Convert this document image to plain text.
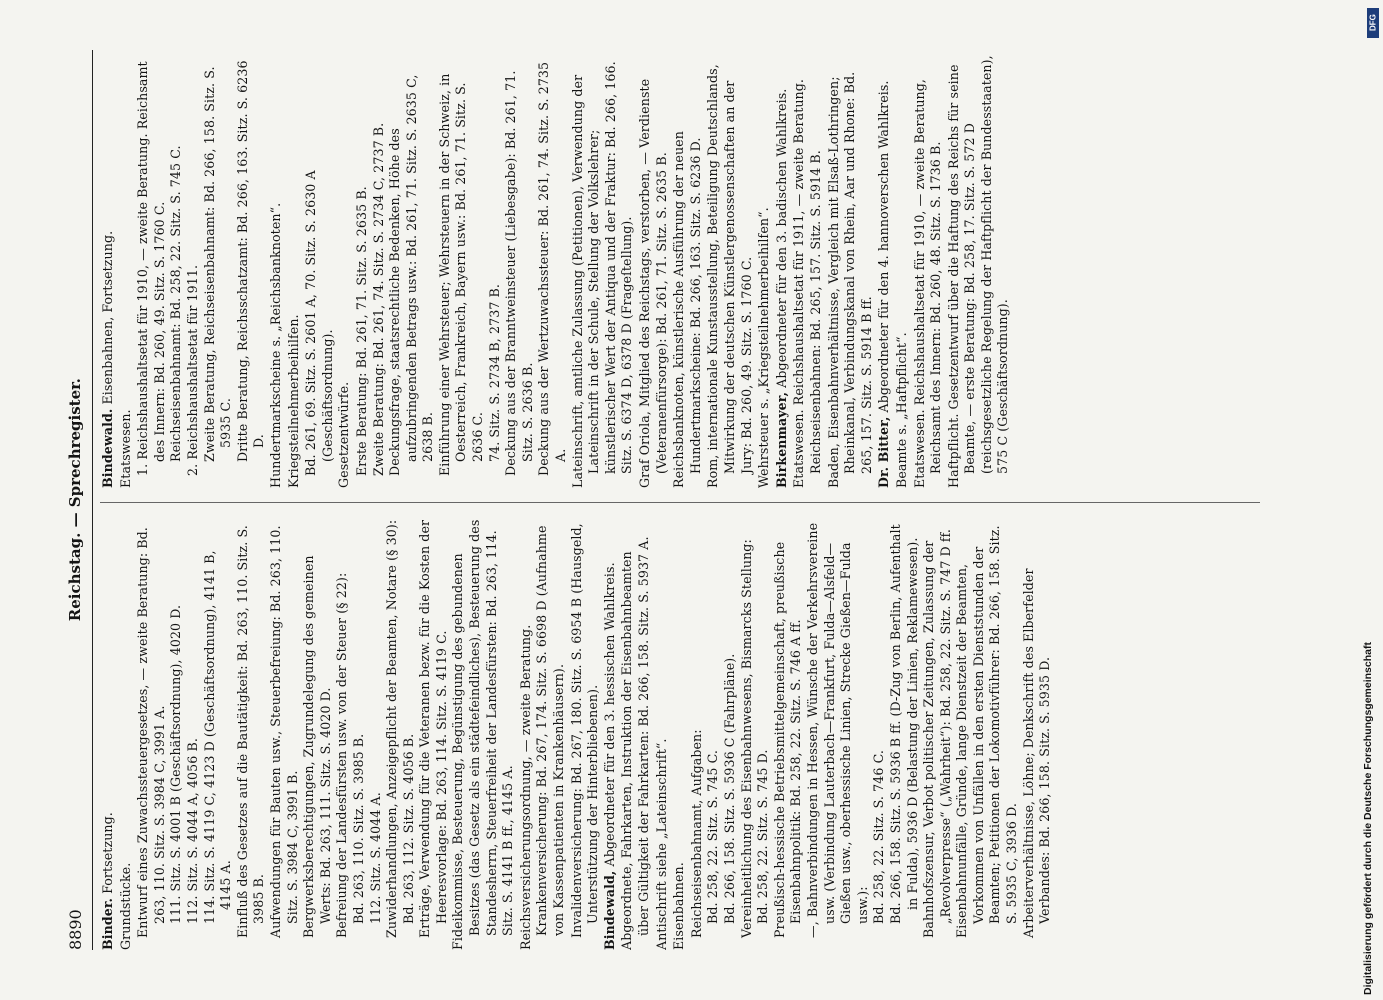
8890
Reichstag. — Sprechregister.
Binder. Fortsetzung.
Grundstücke. Entwurf eines Zuwachssteuergesetzes, — zweite Beratung: Bd. 263, 110. Sitz. S. 3984 C, 3991 A. 111. Sitz. S. 4001 B (Geschäftsordnung), 4020 D. 112. Sitz. S. 4044 A, 4056 B. 114. Sitz. S. 4119 C, 4123 D (Geschäftsordnung), 4141 B, 4145 A. Einfluß des Gesetzes auf die Bautätigkeit: Bd. 263, 110. Sitz. S. 3985 B. Aufwendungen für Bauten usw., Steuerbefreiung: Bd. 263, 110. Sitz. S. 3984 C, 3991 B. Bergwerksberechtigungen, Zugrundelegung des gemeinen Werts: Bd. 263, 111. Sitz. S. 4020 D. Befreiung der Landesfürsten usw. von der Steuer (§ 22): Bd. 263, 110. Sitz. S. 3985 B. 112. Sitz. S. 4044 A. Zuwiderhandlungen, Anzeigepflicht der Beamten, Notare (§ 30): Bd. 263, 112. Sitz. S. 4056 B. Erträge, Verwendung für die Veteranen bezw. für die Kosten der Heeresvorlage: Bd. 263, 114. Sitz. S. 4119 C. Fideikommisse, Besteuerung, Begünstigung des gebundenen Besitzes (das Gesetz als ein städtefeindliches), Besteuerung des Standesherrn, Steuerfreiheit der Landesfürsten: Bd. 263, 114. Sitz. S. 4141 B ff., 4145 A. Reichsversicherungsordnung, — zweite Beratung. Krankenversicherung: Bd. 267, 174. Sitz. S. 6698 D (Aufnahme von Kassenpatienten in Krankenhäusern). Invalidenversicherung: Bd. 267, 180. Sitz. S. 6954 B (Hausgeld, Unterstützung der Hinterbliebenen). Bindewald, Abgeordneter für den 3. hessischen Wahlkreis. Abgeordnete, Fahrkarten, Instruktion der Eisenbahnbeamten über Gültigkeit der Fahrkarten: Bd. 266, 158. Sitz. S. 5937 A. Antischrift siehe „Lateinschrift“. Eisenbahnen. Reichseisenbahnamt, Aufgaben: Bd. 258, 22. Sitz. S. 745 C. Bd. 266, 158. Sitz. S. 5936 C (Fahrpläne). Vereinheitlichung des Eisenbahnwesens, Bismarcks Stellung: Bd. 258, 22. Sitz. S. 745 D. Preußisch-hessische Betriebsmittelgemeinschaft, preußische Eisenbahnpolitik: Bd. 258, 22. Sitz. S. 746 A ff. —, Bahnverbindungen in Hessen, Wünsche der Verkehrsvereine usw. (Verbindung Lauterbach—Frankfurt, Fulda—Alsfeld—Gießen usw., oberhessische Linien, Strecke Gießen—Fulda usw.): Bd. 258, 22. Sitz. S. 746 C. Bd. 266, 158. Sitz. S. 5936 B ff. (D-Zug von Berlin, Aufenthalt in Fulda), 5936 D (Belastung der Linien, Reklamewesen). Bahnhofszensur, Verbot politischer Zeitungen, Zulassung der „Revolverpresse“ („Wahrheit“): Bd. 258, 22. Sitz. S. 747 D ff. Eisenbahnunfälle, Gründe, lange Dienstzeit der Beamten, Vorkommen von Unfällen in den ersten Dienststunden der Beamten; Petitionen der Lokomotivführer: Bd. 266, 158. Sitz. S. 5935 C, 3936 D. Arbeiterverhältnisse, Löhne; Denkschrift des Elberfelder Verbandes: Bd. 266, 158. Sitz. S. 5935 D.
Bindewald. Eisenbahnen, Fortsetzung.
Etatswesen. 1. Reichshaushaltsetat für 1910, — zweite Beratung. Reichsamt des Innern: Bd. 260, 49. Sitz. S. 1760 C. Reichseisenbahnamt: Bd. 258, 22. Sitz. S. 745 C. 2. Reichshaushaltsetat für 1911. Zweite Beratung, Reichseisenbahnamt: Bd. 266, 158. Sitz. S. 5935 C. Dritte Beratung, Reichsschatzamt: Bd. 266, 163. Sitz. S. 6236 D. Hundertmarkscheine s. „Reichsbanknoten“. Kriegsteilnehmerbeihilfen. Bd. 261, 69. Sitz. S. 2601 A, 70. Sitz. S. 2630 A (Geschäftsordnung). Gesetzentwürfe. Erste Beratung: Bd. 261, 71. Sitz. S. 2635 B. Zweite Beratung: Bd. 261, 74. Sitz. S. 2734 C, 2737 B. Deckungsfrage, staatsrechtliche Bedenken, Höhe des aufzubringenden Betrags usw.: Bd. 261, 71. Sitz. S. 2635 C, 2638 B. Einführung einer Wehrsteuer; Wehrsteuern in der Schweiz, in Oesterreich, Frankreich, Bayern usw.: Bd. 261, 71. Sitz. S. 2636 C. 74. Sitz. S. 2734 B, 2737 B. Deckung aus der Branntweinsteuer (Liebesgabe): Bd. 261, 71. Sitz. S. 2636 B. Deckung aus der Wertzuwachssteuer: Bd. 261, 74. Sitz. S. 2735 A. Lateinschrift, amtliche Zulassung (Petitionen), Verwendung der Lateinschrift in der Schule, Stellung der Volkslehrer; künstlerischer Wert der Antiqua und der Fraktur: Bd. 266, 166. Sitz. S. 6374 D, 6378 D (Frageſtellung). Graf Oriola, Mitglied des Reichstags, verstorben, — Verdienste (Veteranenfürsorge): Bd. 261, 71. Sitz. S. 2635 B. Reichsbanknoten, künstlerische Ausführung der neuen Hundertmarkscheine: Bd. 266, 163. Sitz. S. 6236 D. Rom, internationale Kunstausstellung, Beteiligung Deutschlands, Mitwirkung der deutschen Künstlergenossenschaften an der Jury: Bd. 260, 49. Sitz. S. 1760 C. Wehrsteuer s. „Kriegsteilnehmerbeihilfen“. Birkenmayer, Abgeordneter für den 3. badischen Wahlkreis. Etatswesen. Reichshaushaltsetat für 1911, — zweite Beratung. Reichseisenbahnen: Bd. 265, 157. Sitz. S. 5914 B. Baden, Eisenbahnverhältnisse, Vergleich mit Elsaß-Lothringen; Rheinkanal, Verbindungskanal von Rhein, Aar und Rhone: Bd. 265, 157. Sitz. S. 5914 B ff. Dr. Bitter, Abgeordneter für den 4. hannoverschen Wahlkreis. Beamte s. „Haftpflicht“. Etatswesen. Reichshaushaltsetat für 1910, — zweite Beratung, Reichsamt des Innern: Bd. 260, 48. Sitz. S. 1736 B. Haftpflicht. Gesetzentwurf über die Haftung des Reichs für seine Beamte, — erste Beratung: Bd. 258, 17. Sitz. S. 572 D (reichsgesetzliche Regelung der Haftpflicht der Bundesstaaten), 575 C (Geschäftsordnung).
Digitalisierung gefördert durch die Deutsche Forschungsgemeinschaft
DFG
